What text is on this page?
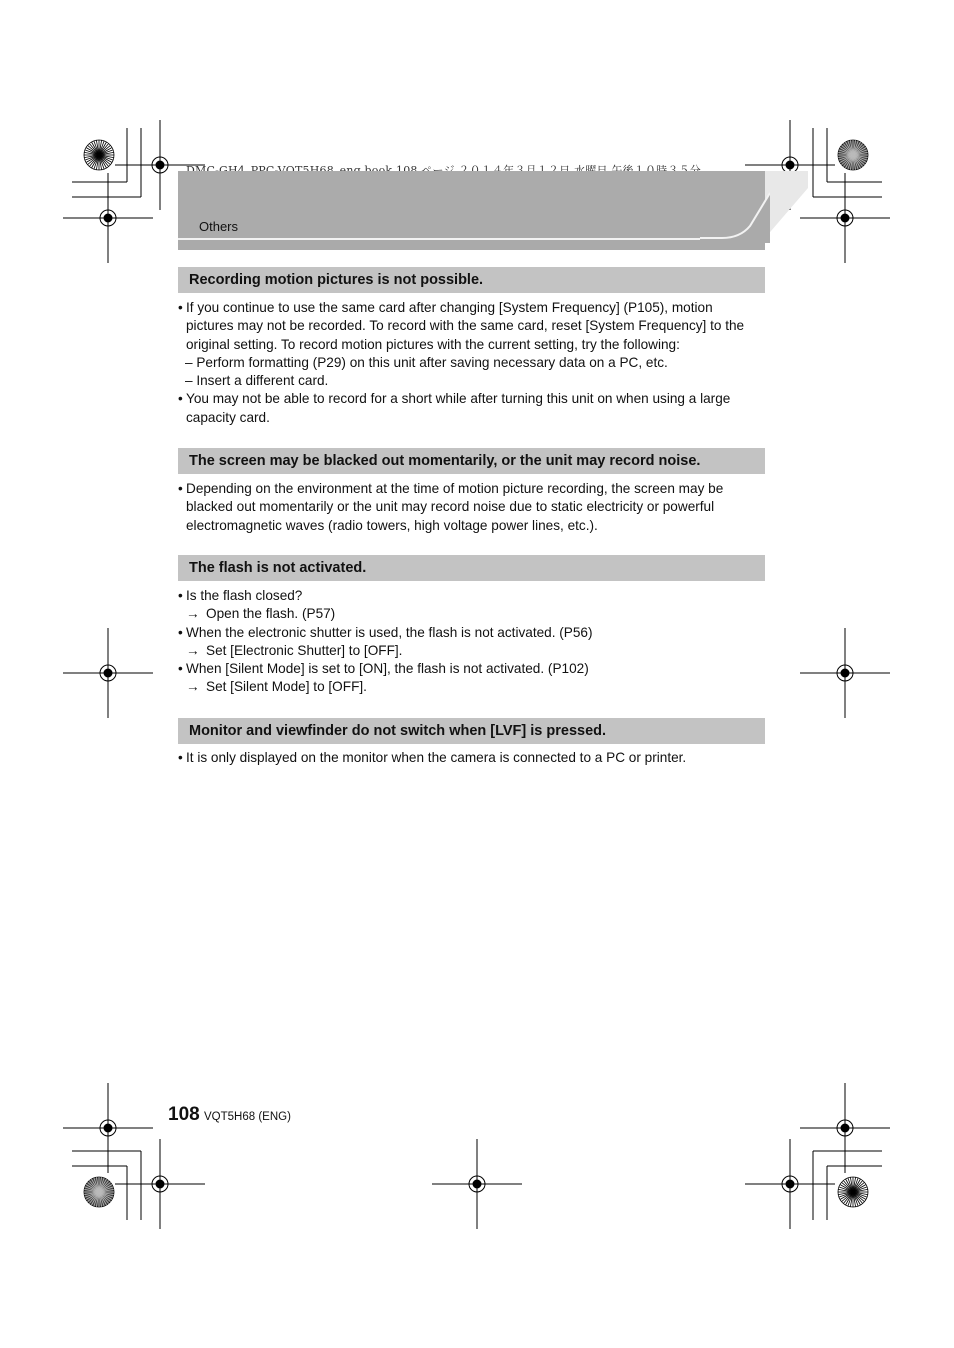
Others
Recording motion pictures is not possible.
• If you continue to use the same card after changing [System Frequency] (P105), motion
pictures may not be recorded. To record with the same card, reset [System Frequency] to the
original setting. To record motion pictures with the current setting, try the following:
– Perform formatting (P29) on this unit after saving necessary data on a PC, etc.
– Insert a different card.
• You may not be able to record for a short while after turning this unit on when using a large
capacity card.
The screen may be blacked out momentarily, or the unit may record noise.
• Depending on the environment at the time of motion picture recording, the screen may be
blacked out momentarily or the unit may record noise due to static electricity or powerful
electromagnetic waves (radio towers, high voltage power lines, etc.).
The flash is not activated.
• Is the flash closed?
→ Open the flash. (P57)
• When the electronic shutter is used, the flash is not activated. (P56)
→ Set [Electronic Shutter] to [OFF].
• When [Silent Mode] is set to [ON], the flash is not activated. (P102)
→ Set [Silent Mode] to [OFF].
Monitor and viewfinder do not switch when [LVF] is pressed.
• It is only displayed on the monitor when the camera is connected to a PC or printer.
108 VQT5H68 (ENG)
